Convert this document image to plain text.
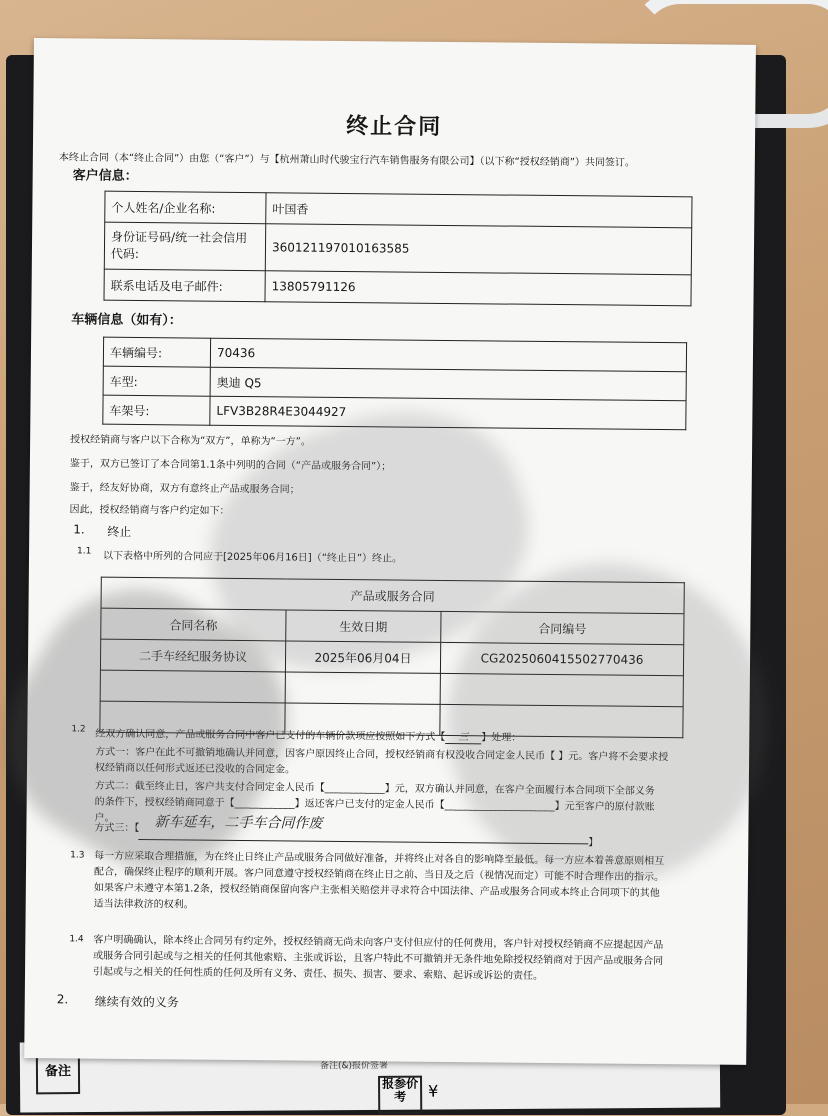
备注	备注(&)报价签署
报参价考	¥
终止合同
本终止合同（本“终止合同”）由您（“客户”）与【杭州萧山时代骏宝行汽车销售服务有限公司】（以下称“授权经销商”）共同签订。
客户信息：
个人姓名/企业名称:	叶国香
身份证号码/统一社会信用代码:	360121197010163585
联系电话及电子邮件:	13805791126
车辆信息（如有）：
车辆编号:	70436
车型:	奥迪 Q5
车架号:	LFV3B28R4E3044927
授权经销商与客户以下合称为“双方”，单称为“一方”。
鉴于，双方已签订了本合同第1.1条中列明的合同（“产品或服务合同”）；
鉴于，经友好协商，双方有意终止产品或服务合同；
因此，授权经销商与客户约定如下：
1. 终止
1.1 以下表格中所列的合同应于[2025年06月16日]（“终止日”）终止。
产品或服务合同		
合同名称	生效日期	合同编号
二手车经纪服务协议	2025年06月04日	CG2025060415502770436

1.2 经双方确认同意，产品或服务合同中客户已支付的车辆价款项应按照如下方式【 三 】处理：
方式一：客户在此不可撤销地确认并同意，因客户原因终止合同，授权经销商有权没收合同定金人民币【 】元。客户将不会要求授
权经销商以任何形式返还已没收的合同定金。
方式二：截至终止日，客户共支付合同定金人民币【____________】元，双方确认并同意，在客户全面履行本合同项下全部义务
的条件下，授权经销商同意于【____________】返还客户已支付的定金人民币【______________________】元至客户的原付款账
户。
方式三：【 新车延车，二手车合同作废
】
1.3 每一方应采取合理措施，为在终止日终止产品或服务合同做好准备，并将终止对各自的影响降至最低。每一方应本着善意原则相互
配合，确保终止程序的顺利开展。客户同意遵守授权经销商在终止日之前、当日及之后（视情况而定）可能不时合理作出的指示。
如果客户未遵守本第1.2条，授权经销商保留向客户主张相关赔偿并寻求符合中国法律、产品或服务合同或本终止合同项下的其他
适当法律救济的权利。
1.4 客户明确确认，除本终止合同另有约定外，授权经销商无尚未向客户支付但应付的任何费用，客户针对授权经销商不应提起因产品
或服务合同引起或与之相关的任何其他索赔、主张或诉讼，且客户特此不可撤销并无条件地免除授权经销商对于因产品或服务合同
引起或与之相关的任何性质的任何及所有义务、责任、损失、损害、要求、索赔、起诉或诉讼的责任。
2. 继续有效的义务
